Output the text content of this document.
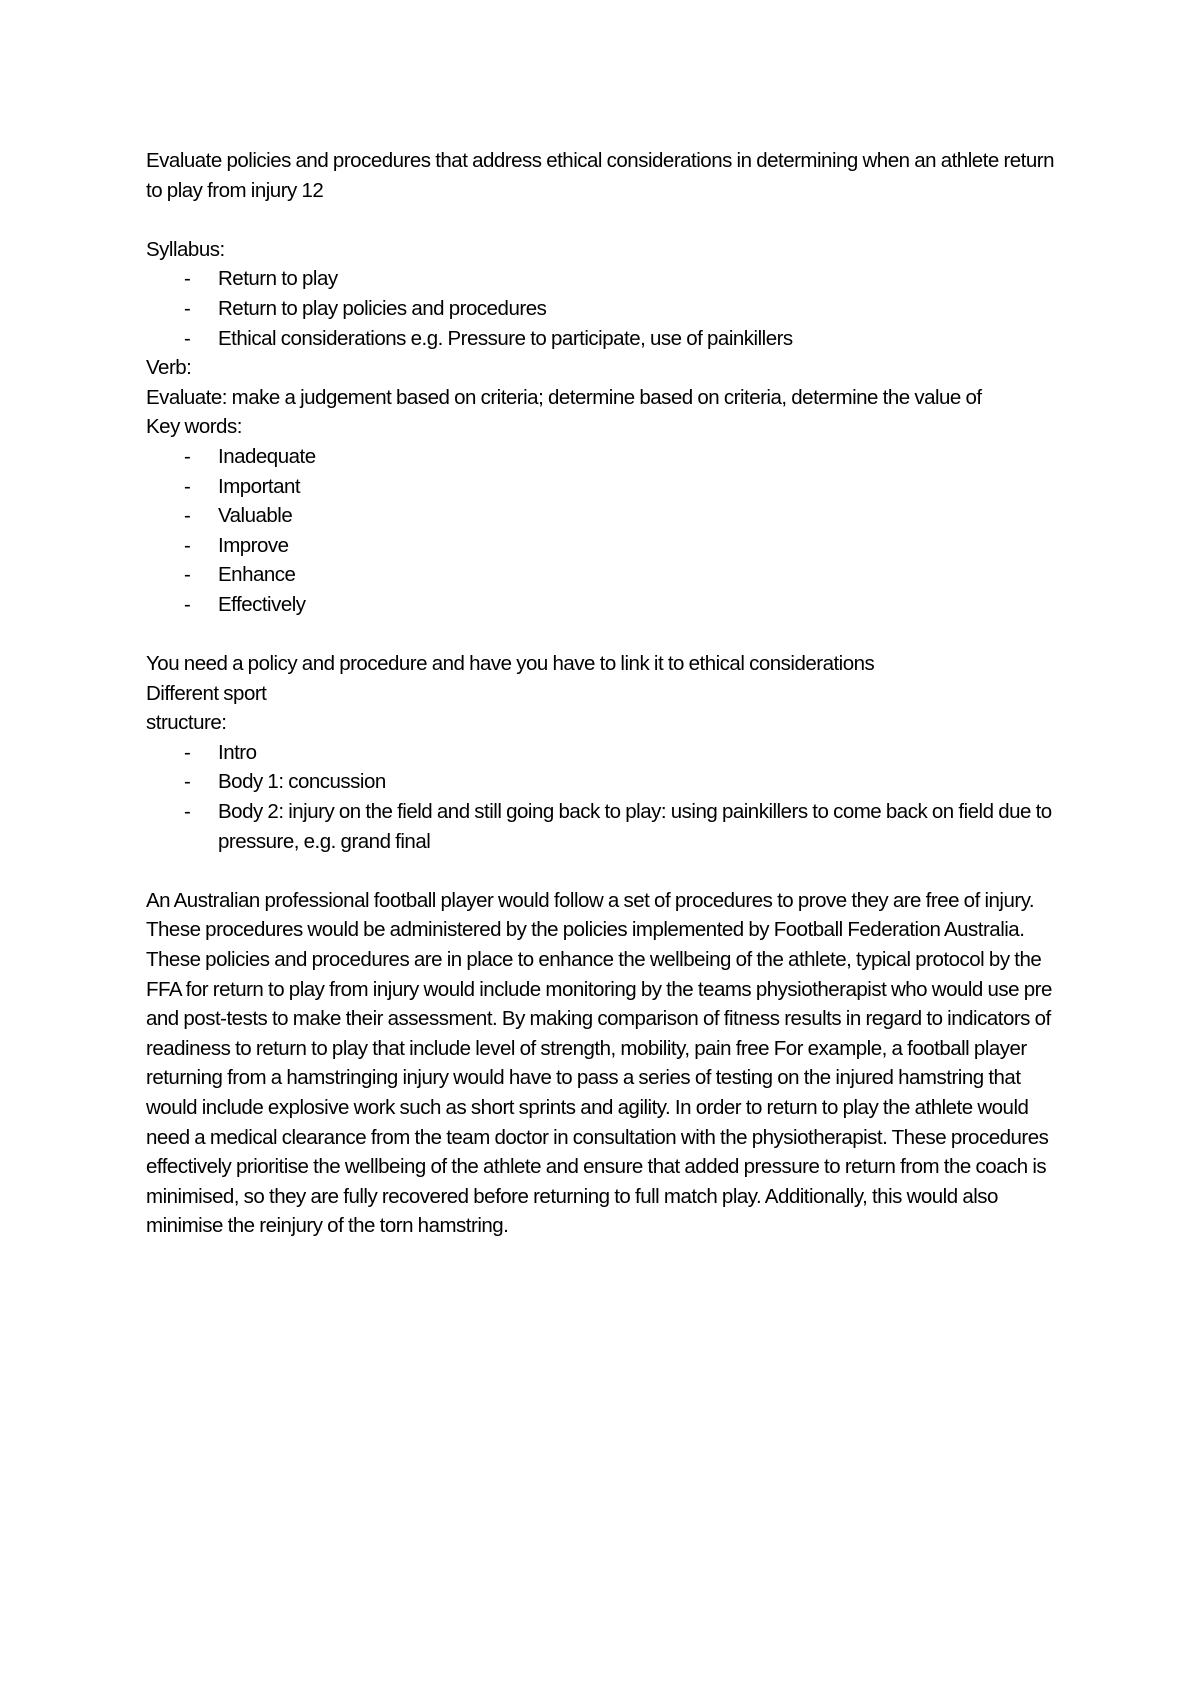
Evaluate policies and procedures that address ethical considerations in determining when an athlete return to play from injury 12

Syllabus:

- Return to play
- Return to play policies and procedures
- Ethical considerations e.g. Pressure to participate, use of painkillers

Verb:

Evaluate: make a judgement based on criteria; determine based on criteria, determine the value of

Key words:

- Inadequate
- Important
- Valuable
- Improve
- Enhance
- Effectively

You need a policy and procedure and have you have to link it to ethical considerations

Different sport

structure:

- Intro
- Body 1: concussion
- Body 2: injury on the field and still going back to play: using painkillers to come back on field due to pressure, e.g. grand final

An Australian professional football player would follow a set of procedures to prove they are free of injury. These procedures would be administered by the policies implemented by Football Federation Australia. These policies and procedures are in place to enhance the wellbeing of the athlete, typical protocol by the FFA for return to play from injury would include monitoring by the teams physiotherapist who would use pre and post-tests to make their assessment. By making comparison of fitness results in regard to indicators of readiness to return to play that include level of strength, mobility, pain free For example, a football player returning from a hamstringing injury would have to pass a series of testing on the injured hamstring that would include explosive work such as short sprints and agility. In order to return to play the athlete would need a medical clearance from the team doctor in consultation with the physiotherapist. These procedures effectively prioritise the wellbeing of the athlete and ensure that added pressure to return from the coach is minimised, so they are fully recovered before returning to full match play. Additionally, this would also minimise the reinjury of the torn hamstring.
